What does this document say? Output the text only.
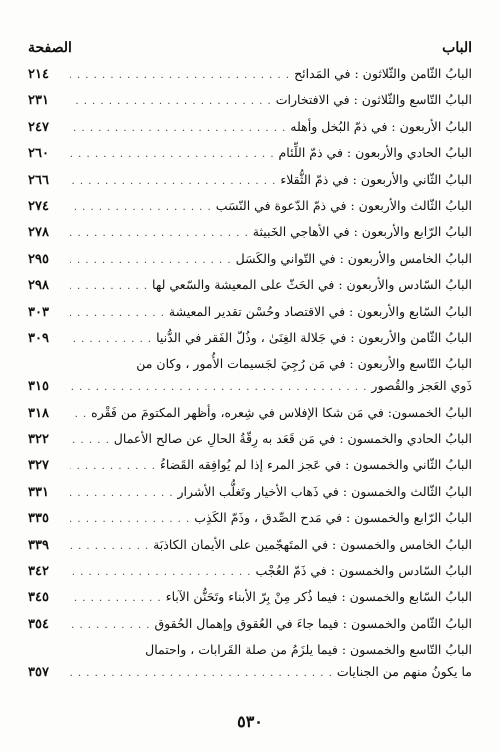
الباب
الصفحة
البابُ الثّامن والثّلاثون : في المَدائح
. . .
٢١٤
البابُ التّاسع والثّلاثون : في الافتخارات
. . .
٢٣١
البابُ الأربعون : في ذمّ البُخل وأهله
. . .
٢٤٧
البابُ الحادي والأربعون : في ذمّ اللِّئام
. . .
٢٦٠
البابُ الثّاني والأربعون : في ذمّ الثُّقلاء
. . .
٢٦٦
البابُ الثّالث والأربعون : في ذمّ الدّعوة في النّسَب
. . .
٢٧٤
البابُ الرّابع والأربعون : في الأهاجي الخَبيثة
. . .
٢٧٨
البابُ الخامس والأربعون : في التّواني والكَسَل
. . .
٢٩٥
البابُ السّادس والأربعون : في الحَثّ على المعيشة والسّعي لها
. . .
٢٩٨
البابُ السّابع والأربعون : في الاقتصاد وحُسْن تقدير المعيشة
. . .
٣٠٣
البابُ الثّامن والأربعون : في جَلالة الغِنَىٰ ، وذُلّ الفَقر في الدُّنيا
. . .
٣٠٩
البابُ التّاسع والأربعون : في مَن رُجِيَ لجَسيمات الأُمور ، وكان من
ذَوي العَجز والقُصور
. . .
٣١٥
البابُ الخمسون: في مَن شكا الإفلاس في شِعره، وأظهر المكتومَ من فَقْره
. . .
٣١٨
البابُ الحادي والخمسون : في مَن قَعَد به رِقّةُ الحالِ عن صالح الأعمال
. . .
٣٢٢
البابُ الثّاني والخمسون : في عَجز المرء إذا لم يُوافِقه القَضاءُ
. . .
٣٢٧
البابُ الثّالث والخمسون : في ذَهاب الأخيار وتَغلُّب الأشرار
. . .
٣٣١
البابُ الرّابع والخمسون : في مَدح الصِّدق ، وذَمّ الكَذِب
. . .
٣٣٥
البابُ الخامس والخمسون : في المتَهجّمين على الأيمان الكاذبَة
. . .
٣٣٩
البابُ السّادس والخمسون : في ذَمّ العُجْب
. . .
٣٤٢
البابُ السّابع والخمسون : فيما ذُكر مِنْ بِرّ الأبناء وتَحَنُّن الآباء
. . .
٣٤٥
البابُ الثّامن والخمسون : فيما جاءَ في العُقوق وإهمال الحُقوق
. . .
٣٥٤
البابُ التّاسع والخمسون : فيما يلزَمُ من صلة القَرابات ، واحتمال
ما يكونُ منهم من الجنايات
. . .
٣٥٧
٥٣٠
